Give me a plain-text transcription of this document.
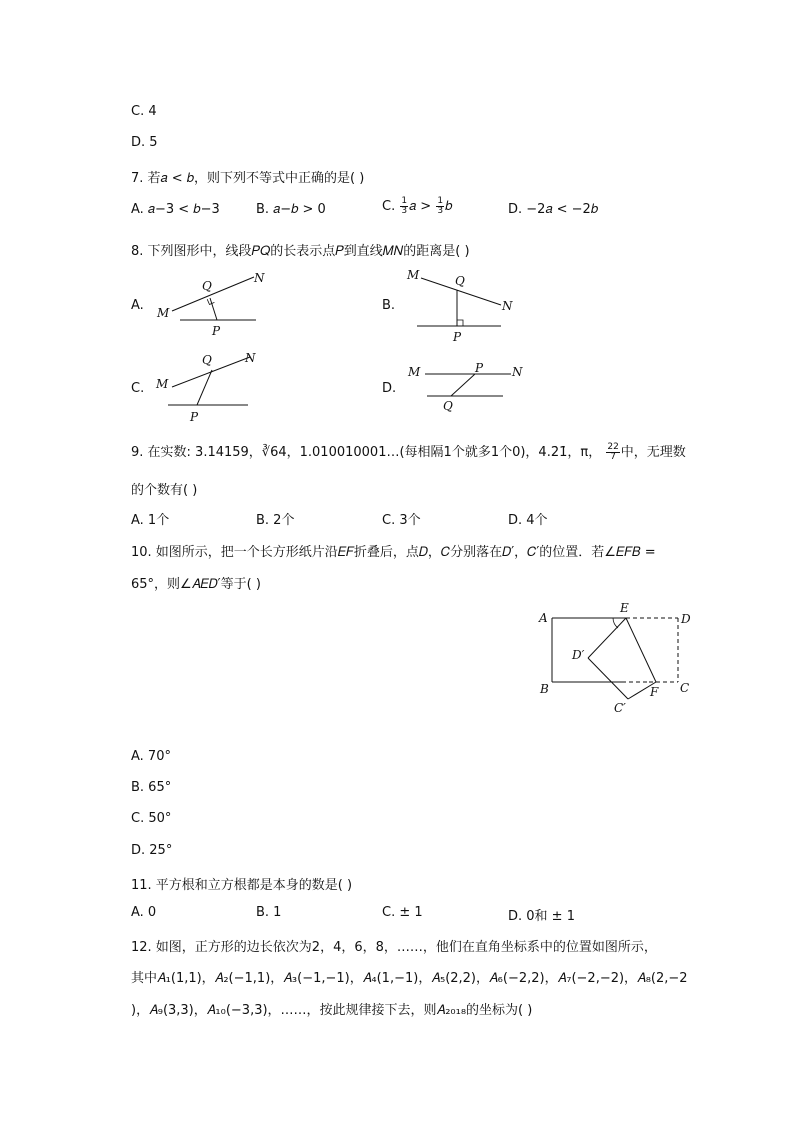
C. 4
D. 5
7. 若𝑎 < 𝑏，则下列不等式中正确的是( )
A. 𝑎−3 < 𝑏−3	B. 𝑎−𝑏 > 0	C. $\frac{1}{3}$ 𝑎 > $\frac{1}{3}$ 𝑏	D. −2𝑎 < −2𝑏
8. 下列图形中，线段𝑃𝑄的长表示点𝑃到直线𝑀𝑁的距离是( )
A.	B.
C.	D.
M
N
Q
P
M
N
Q
P
M
N
Q
P
M	N
P
Q
9. 在实数: 3.14159，∛64，1.010010001…(每相隔1个就多1个0)，4.2̇1̇，π， $\frac{22}{7}$ 中，无理数
的个数有( )
A. 1个	B. 2个	C. 3个	D. 4个
10. 如图所示，把一个长方形纸片沿𝐸𝐹折叠后，点𝐷，𝐶分别落在𝐷′，𝐶′的位置．若∠𝐸𝐹𝐵 =
65°，则∠𝐴𝐸𝐷′等于( )
A
B	C
D
E
F
D′
C′
A. 70°
B. 65°
C. 50°
D. 25°
11. 平方根和立方根都是本身的数是( )
A. 0	B. 1	C. ± 1	D. 0和 ± 1
12. 如图，正方形的边长依次为2，4，6，8，……，他们在直角坐标系中的位置如图所示，
其中𝐴₁(1,1)，𝐴₂(−1,1)，𝐴₃(−1,−1)，𝐴₄(1,−1)，𝐴₅(2,2)，𝐴₆(−2,2)，𝐴₇(−2,−2)，𝐴₈(2,−2
)，𝐴₉(3,3)，𝐴₁₀(−3,3)，……，按此规律接下去，则𝐴₂₀₁₈的坐标为( )
